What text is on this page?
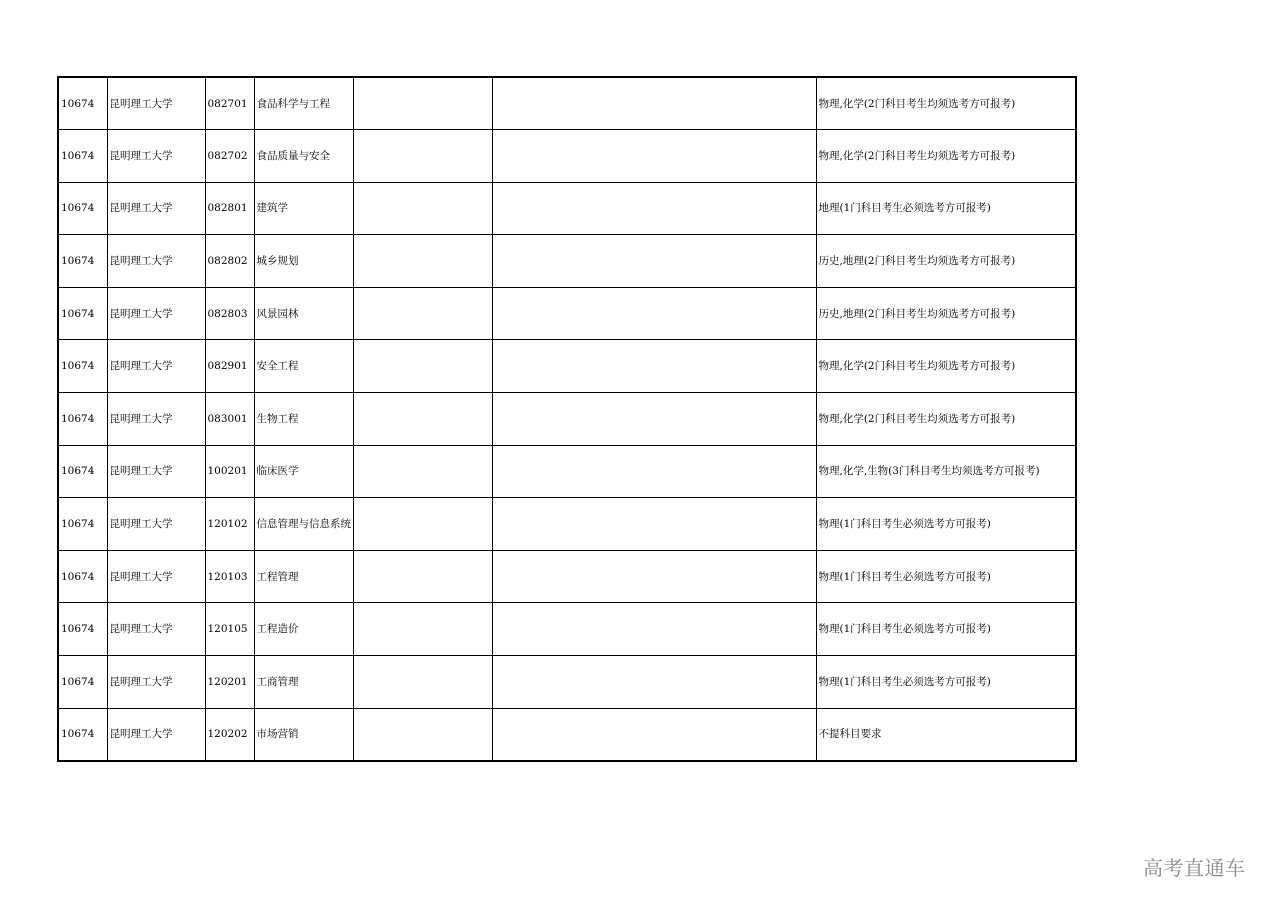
10674	昆明理工大学	082701	食品科学与工程			物理,化学(2门科目考生均须选考方可报考)
10674	昆明理工大学	082702	食品质量与安全			物理,化学(2门科目考生均须选考方可报考)
10674	昆明理工大学	082801	建筑学			地理(1门科目考生必须选考方可报考)
10674	昆明理工大学	082802	城乡规划			历史,地理(2门科目考生均须选考方可报考)
10674	昆明理工大学	082803	风景园林			历史,地理(2门科目考生均须选考方可报考)
10674	昆明理工大学	082901	安全工程			物理,化学(2门科目考生均须选考方可报考)
10674	昆明理工大学	083001	生物工程			物理,化学(2门科目考生均须选考方可报考)
10674	昆明理工大学	100201	临床医学			物理,化学,生物(3门科目考生均须选考方可报考)
10674	昆明理工大学	120102	信息管理与信息系统			物理(1门科目考生必须选考方可报考)
10674	昆明理工大学	120103	工程管理			物理(1门科目考生必须选考方可报考)
10674	昆明理工大学	120105	工程造价			物理(1门科目考生必须选考方可报考)
10674	昆明理工大学	120201	工商管理			物理(1门科目考生必须选考方可报考)
10674	昆明理工大学	120202	市场营销			不提科目要求
高考直通车
